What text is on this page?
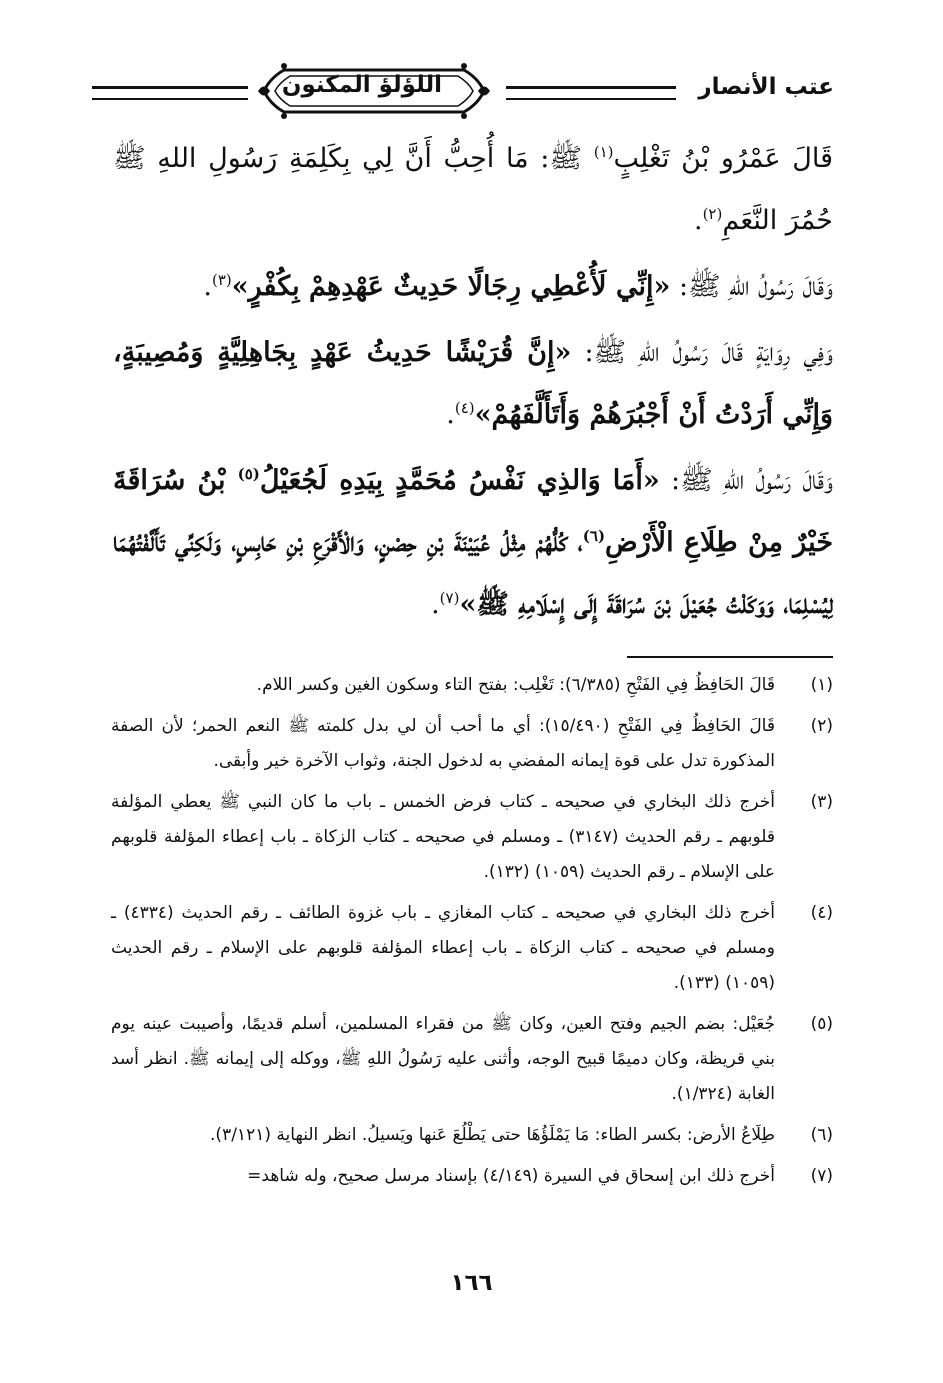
عتب الأنصار
اللؤلؤ المكنون

قَالَ عَمْرُو بْنُ تَغْلِبٍ$^{(١)}$ ﷺ: مَا أُحِبُّ أَنَّ لِي بِكَلِمَةِ رَسُولِ اللهِ ﷺ حُمُرَ النَّعَمِ$^{(٢)}$.

وَقَالَ رَسُولُ اللهِ ﷺ: «إِنِّي لَأُعْطِي رِجَالًا حَدِيثٌ عَهْدِهِمْ بِكُفْرٍ»$^{(٣)}$.

وَفِي رِوَايَةٍ قَالَ رَسُولُ اللهِ ﷺ: «إِنَّ قُرَيْشًا حَدِيثُ عَهْدٍ بِجَاهِلِيَّةٍ وَمُصِيبَةٍ، وَإِنِّي أَرَدْتُ أَنْ أَجْبُرَهُمْ وَأَتَأَلَّفَهُمْ»$^{(٤)}$.

وَقَالَ رَسُولُ اللهِ ﷺ: «أَمَا وَالذِي نَفْسُ مُحَمَّدٍ بِيَدِهِ لَجُعَيْلُ$^{(٥)}$ بْنُ سُرَاقَةَ خَيْرٌ مِنْ طِلَاعِ الْأَرْضِ$^{(٦)}$، كُلُّهُمْ مِثْلُ عُيَيْنَةَ بْنِ حِصْنٍ، وَالْأَقْرَعِ بْنِ حَابِسٍ، وَلَكِنِّي تَأَلَّفْتُهُمَا لِيُسْلِمَا، وَوَكَلْتُ جُعَيْلَ بْنَ سُرَاقَةَ إِلَى إِسْلَامِهِ ﷺ»$^{(٧)}$.

(١)
قَالَ الحَافِظُ فِي الفَتْحِ (٦/٣٨٥): تَغْلِب: بفتح التاء وسكون الغين وكسر اللام.
(٢)
قَالَ الحَافِظُ فِي الفَتْحِ (١٥/٤٩٠): أي ما أحب أن لي بدل كلمته ﷺ النعم الحمر؛ لأن الصفة المذكورة تدل على قوة إيمانه المفضي به لدخول الجنة، وثواب الآخرة خير وأبقى.
(٣)
أخرج ذلك البخاري في صحيحه ـ كتاب فرض الخمس ـ باب ما كان النبي ﷺ يعطي المؤلفة قلوبهم ـ رقم الحديث (٣١٤٧) ـ ومسلم في صحيحه ـ كتاب الزكاة ـ باب إعطاء المؤلفة قلوبهم على الإسلام ـ رقم الحديث (١٠٥٩) (١٣٢).
(٤)
أخرج ذلك البخاري في صحيحه ـ كتاب المغازي ـ باب غزوة الطائف ـ رقم الحديث (٤٣٣٤) ـ ومسلم في صحيحه ـ كتاب الزكاة ـ باب إعطاء المؤلفة قلوبهم على الإسلام ـ رقم الحديث (١٠٥٩) (١٣٣).
(٥)
جُعَيْل: بضم الجيم وفتح العين، وكان ﷺ من فقراء المسلمين، أسلم قديمًا، وأصيبت عينه يوم بني قريظة، وكان دميمًا قبيح الوجه، وأثنى عليه رَسُولُ اللهِ ﷺ، ووكله إلى إيمانه ﷺ. انظر أسد الغابة (١/٣٢٤).
(٦)
طِلَاعُ الأرض: بكسر الطاء: مَا يَمْلَؤُهَا حتى يَطْلُعَ عَنها ويَسيلُ. انظر النهاية (٣/١٢١).
(٧)
أخرج ذلك ابن إسحاق في السيرة (٤/١٤٩) بإسناد مرسل صحيح، وله شاهد=
١٦٦
